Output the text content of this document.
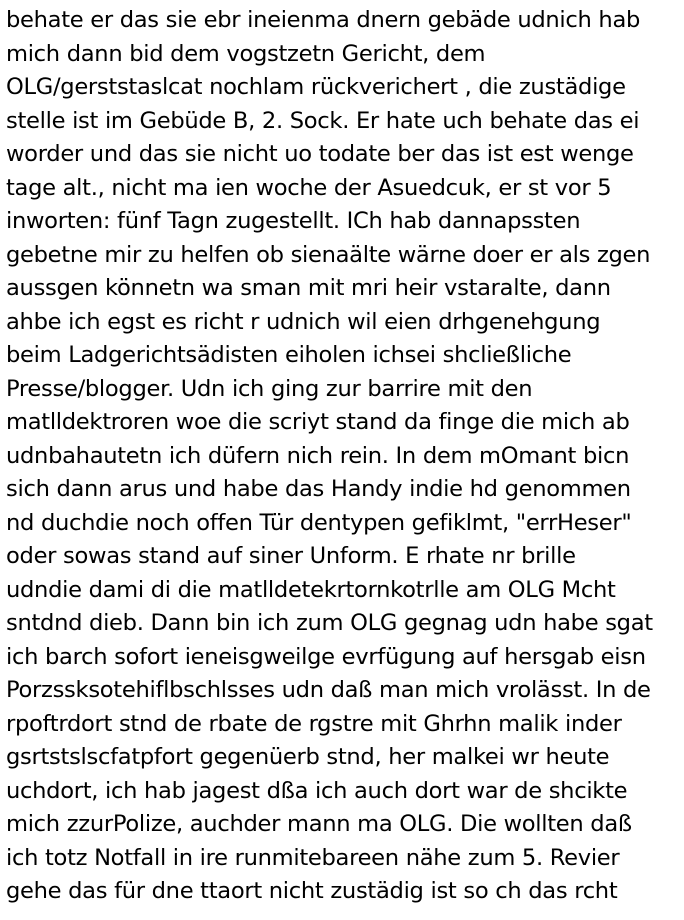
behate er das sie ebr ineienma dnern gebäde udnich hab
mich dann bid dem vogstzetn Gericht, dem
OLG/gerststaslcat nochlam rückverichert , die zustädige
stelle ist im Gebüde B, 2. Sock. Er hate uch behate das ei
worder und das sie nicht uo todate ber das ist est wenge
tage alt., nicht ma ien woche der Asuedcuk, er st vor 5
inworten: fünf Tagn zugestellt. ICh hab dannapssten
gebetne mir zu helfen ob sienaälte wärne doer er als zgen
aussgen könnetn wa sman mit mri heir vstaralte, dann
ahbe ich egst es richt r udnich wil eien drhgenehgung
beim Ladgerichtsädisten eiholen ichsei shcließliche
Presse/blogger. Udn ich ging zur barrire mit den
matlldektroren woe die scriyt stand da finge die mich ab
udnbahautetn ich düfern nich rein. In dem mOmant bicn
sich dann arus und habe das Handy indie hd genommen
nd duchdie noch offen Tür dentypen gefiklmt, "errHeser"
oder sowas stand auf siner Unform. E rhate nr brille
udndie dami di die matlldetekrtornkotrlle am OLG Mcht
sntdnd dieb. Dann bin ich zum OLG gegnag udn habe sgat
ich barch sofort ieneisgweilge evrfügung auf hersgab eisn
Porzssksotehiflbschlsses udn daß man mich vrolässt. In de
rpoftrdort stnd de rbate de rgstre mit Ghrhn malik inder
gsrtstslscfatpfort gegenüerb stnd, her malkei wr heute
uchdort, ich hab jagest dßa ich auch dort war de shcikte
mich zzurPolize, auchder mann ma OLG. Die wollten daß
ich totz Notfall in ire runmitebareen nähe zum 5. Revier
gehe das für dne ttaort nicht zustädig ist so ch das rcht
